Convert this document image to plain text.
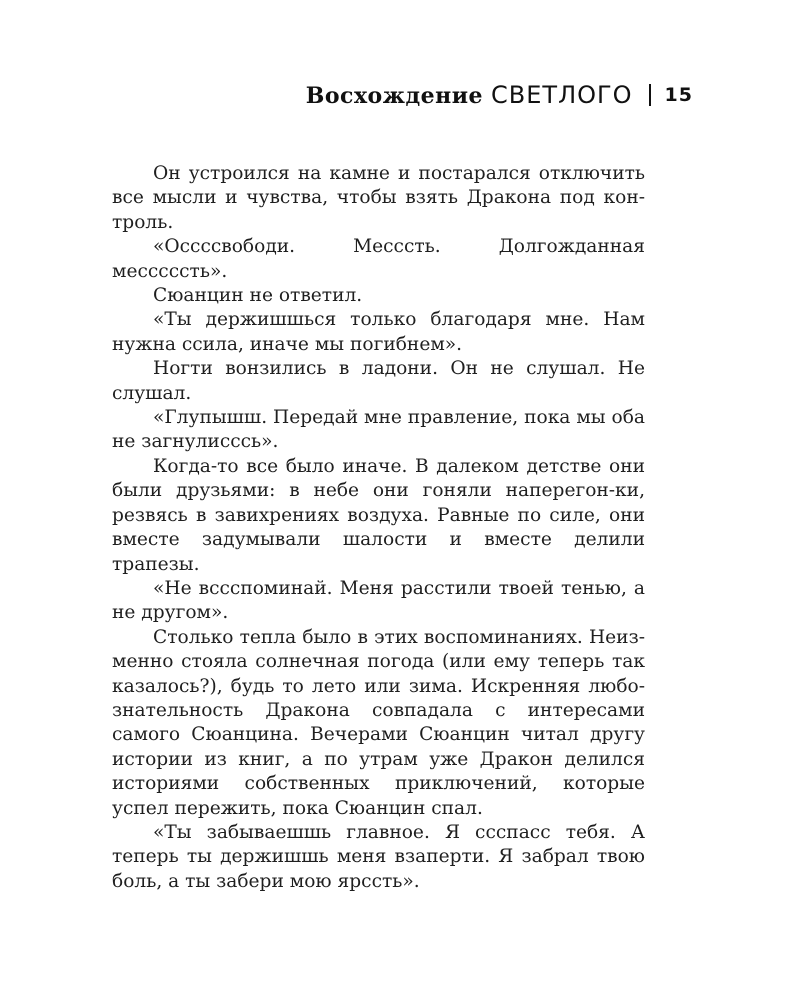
Восхождение СВЕТЛОГО 15

Он устроился на камне и постарался отключить все мысли и чувства, чтобы взять Дракона под кон-троль.

«Оссссвободи. Месссть. Долгожданная месссссть».

Сюанцин не ответил.

«Ты держишшься только благодаря мне. Нам нужна ссила, иначе мы погибнем».

Ногти вонзились в ладони. Он не слушал. Не слушал.

«Глупышш. Передай мне правление, пока мы оба не загнулисссь».

Когда-то все было иначе. В далеком детстве они были друзьями: в небе они гоняли наперегон-ки, резвясь в завихрениях воздуха. Равные по силе, они вместе задумывали шалости и вместе делили трапезы.

«Не вссспоминай. Меня расстили твоей тенью, а не другом».

Столько тепла было в этих воспоминаниях. Неиз-менно стояла солнечная погода (или ему теперь так казалось?), будь то лето или зима. Искренняя любо-знательность Дракона совпадала с интересами самого Сюанцина. Вечерами Сюанцин читал другу истории из книг, а по утрам уже Дракон делился историями собственных приключений, которые успел пережить, пока Сюанцин спал.

«Ты забываешшь главное. Я ссспасс тебя. А теперь ты держишшь меня взаперти. Я забрал твою боль, а ты забери мою ярссть».
